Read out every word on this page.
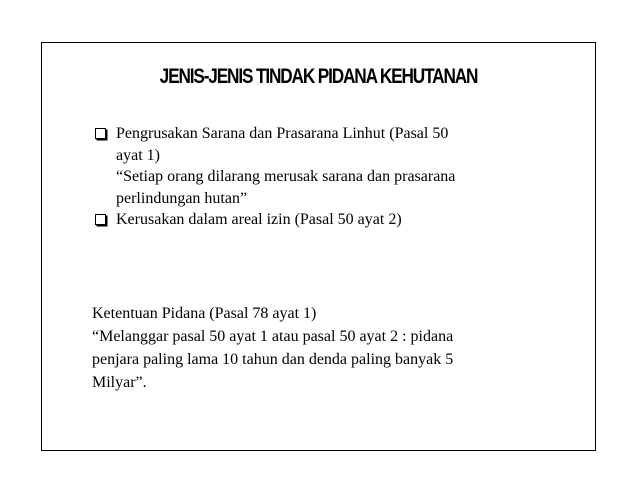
JENIS-JENIS TINDAK PIDANA KEHUTANAN
Pengrusakan Sarana dan Prasarana Linhut (Pasal 50
ayat 1)
“Setiap orang dilarang merusak sarana dan prasarana
perlindungan hutan”
Kerusakan dalam areal izin (Pasal 50 ayat 2)
Ketentuan Pidana (Pasal 78 ayat 1)
“Melanggar pasal 50 ayat 1 atau pasal 50 ayat 2 : pidana
penjara paling lama 10 tahun dan denda paling banyak 5
Milyar”.
